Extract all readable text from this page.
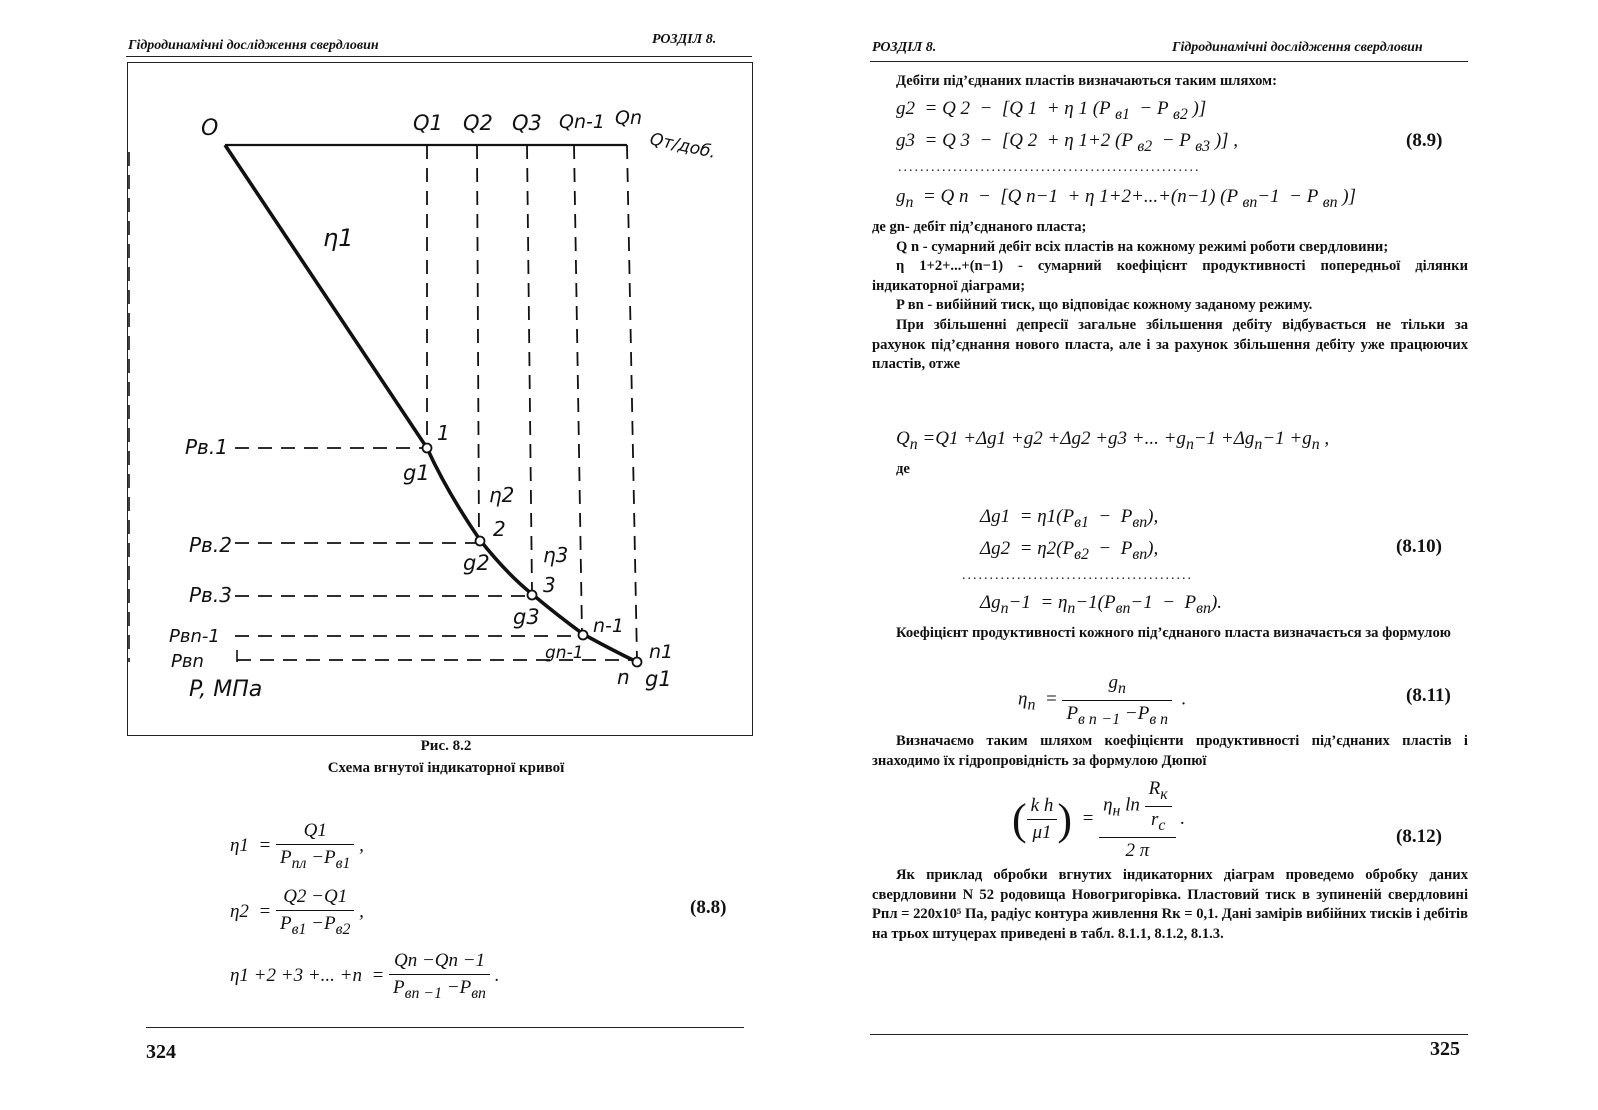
Гідродинамічні дослідження свердловин	РОЗДІЛ 8.
O	Q1 Q2 Q3 Qn-1 Qn
Qт/доб.
η1
η2
η3
Pв.1
Pв.2
Pв.3
Pвn-1
Pвn
P, МПа
1
2
3
n-1
n
n1
g1
g2
g3
gn-1
g1
Рис. 8.2
Схема вгнутої індикаторної кривої
$\eta 1 = \frac{Q1}{P_{пл} -P_{в1}}$ ,
$\eta 2 = \frac{Q2 -Q1}{P_{в1} -P_{в2}}$ ,
η1 +2 +3 +... $+n = \frac{Qn -Qn -1}{P_{вn -1} -P_{вn}}$ .
(8.8)
324
РОЗДІЛ 8.	Гідродинамічні дослідження свердловин

Дебіти під’єднаних пластів визначаються таким шляхом:

g2  = Q 2  −  [Q 1  + η 1 (P $_{в1}$  − P $_{в2}$ )]
g3  = Q 3  −  [Q 2  + η 1+2 (P $_{в2}$  − P $_{в3}$ )] ,	(8.9)
.......................................................
$g_n = Q$ n  −  [Q n−1  + η 1+2+...+(n−1) (P $_{вn}$−1  − P $_{вn}$ )]

де gn- дебіт під’єднаного пласта;

Q n - сумарний дебіт всіх пластів на кожному режимі роботи свердловини;

η 1+2+...+(n−1) - сумарний коефіцієнт продуктивності попередньої ділянки індикаторної діаграми;

P вn - вибійний тиск, що відповідає кожному заданому режиму.

При збільшенні депресії загальне збільшення дебіту відбувається не тільки за рахунок під’єднання нового пласта, але і за рахунок збільшення дебіту уже працюючих пластів, отже

$Q_n =Q1 +\Delta g1 +g2 +\Delta g2 +g3$ +... $+g_n-1 +\Delta g_n-1 +g_n$ ,

де

$\Delta g1 = \eta 1(P_{в1} - P_{вn})$,
$\Delta g2 = \eta 2(P_{в2} - P_{вn})$,	(8.10)
..........................................
$\Delta g_n-1 = \eta_n-1(P_{вn}-1 - P_{вn})$.

Коефіцієнт продуктивності кожного під’єднаного пласта визначається за формулою

$\eta_n = \frac{g_n}{P_{в n} _{-1} -P_{в n}}$ .	(8.11)

Визначаємо таким шляхом коефіцієнти продуктивності під’єднаних пластів і знаходимо їх гідропровідність за формулою Дюпюї

( $\frac{\text{k h}}{\mu 1}$ )  = $\frac{\eta_н \ln \frac{R_к}{r_c}}{2 \pi}$ .
(8.12)

Як приклад обробки вгнутих індикаторних діаграм проведемо обробку даних свердловини N 52 родовища Новогригорівка. Пластовий тиск в зупиненій свердловині Pпл = 220x10⁵ Па, радіус контура живлення Rк = 0,1. Дані замірів вибійних тисків і дебітів на трьох штуцерах приведені в табл. 8.1.1, 8.1.2, 8.1.3.

325
